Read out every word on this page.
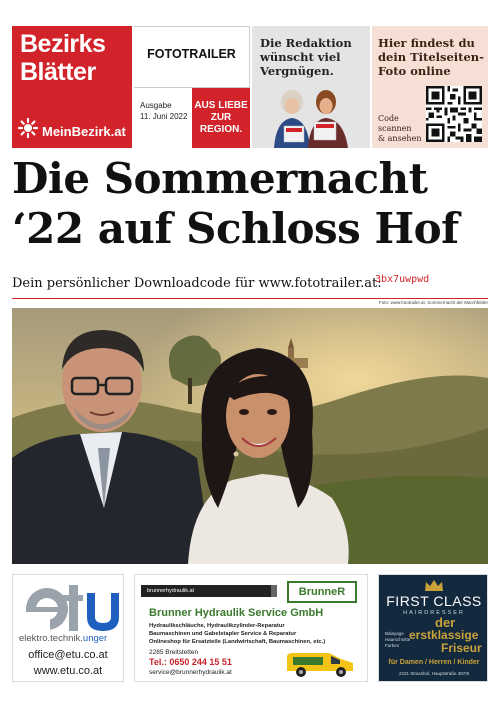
Bezirks
Blätter
MeinBezirk.at
FOTOTRAILER
Ausgabe
11. Juni 2022
AUS LIEBE
ZUR
REGION.
Die Redaktion
wünscht viel
Vergnügen.
Hier findest du
dein Titelseiten-
Foto online
Code
scannen
& ansehen
Die Sommernacht
‘22 auf Schloss Hof
Dein persönlicher Downloadcode für www.fototrailer.at:
3bx7uwpwd
Foto: www.fototrailer.at, Sommernacht der Marchfelder
elektro.technik.unger
office@etu.co.at
www.etu.co.at
brunnerhydraulik.at	BrunneR
Brunner Hydraulik Service GmbH
Hydraulikschläuche, Hydraulikzylinder-Reparatur
Baumaschinen und Gabelstapler Service & Reparatur
Onlineshop für Ersatzteile (Landwirtschaft, Baumaschinen, etc.)
2285 Breitstetten
Tel.: 0650 244 15 51
service@brunnerhydraulik.at
FIRST CLASS
HAIRDRESSER
der
erstklassige
Friseur
Balayage
Haarschnitte
Farben
für Damen / Herren / Kinder
2231 Strasshof, Hauptstraße 387/8
